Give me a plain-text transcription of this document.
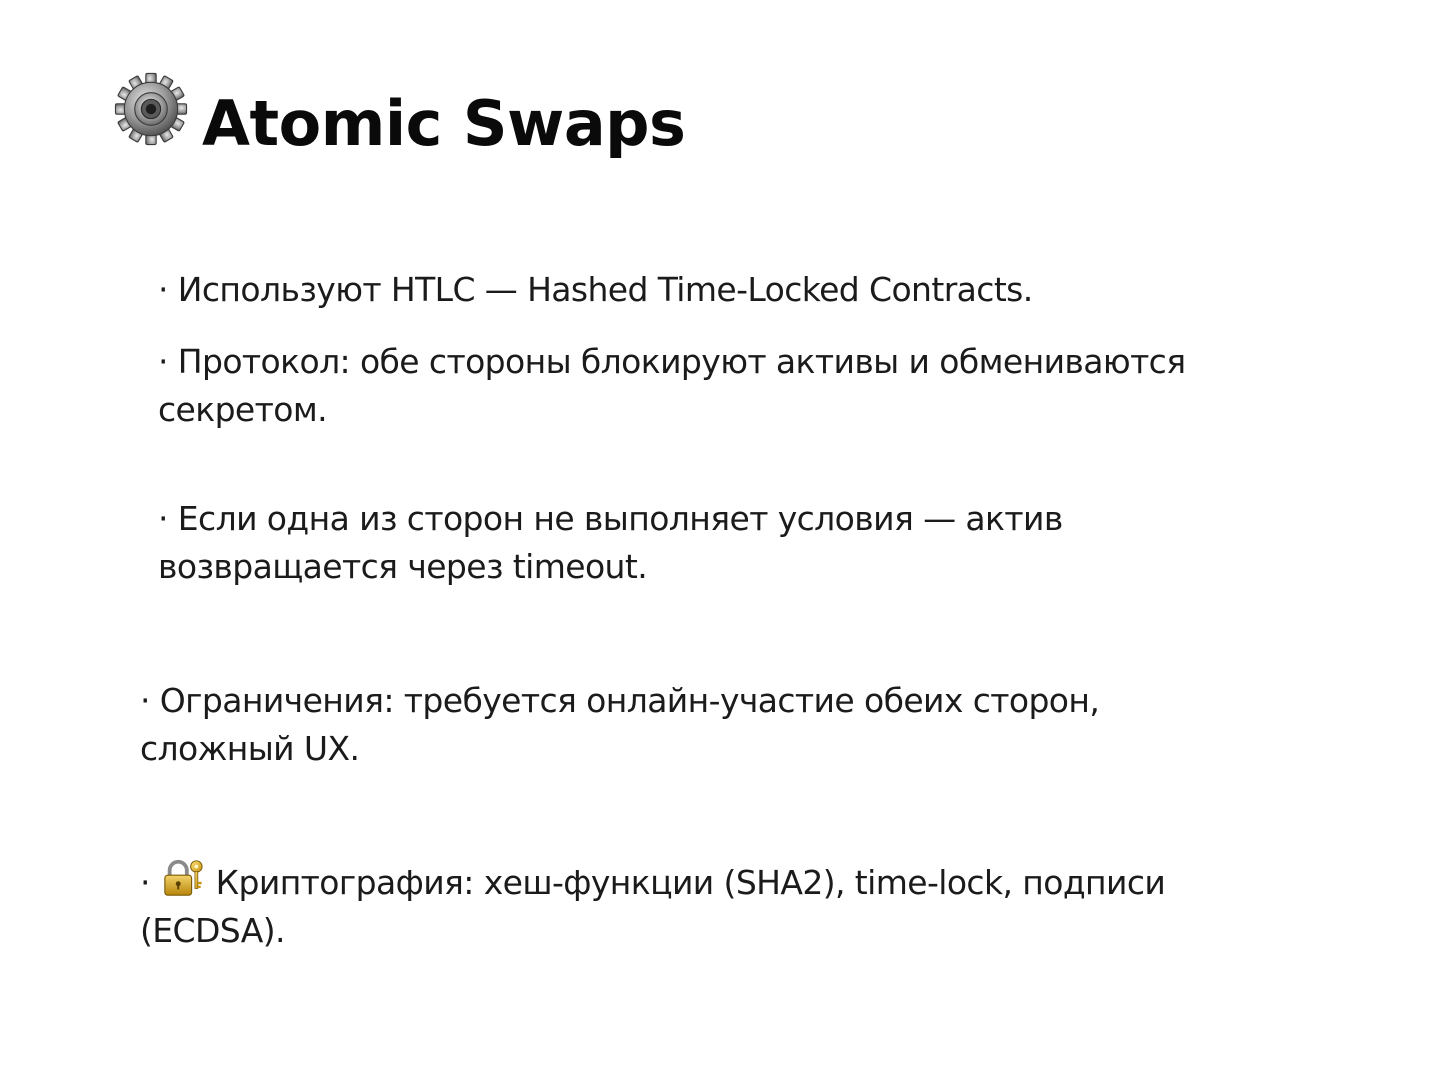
Atomic Swaps

· Используют HTLC — Hashed Time-Locked Contracts.

· Протокол: обе стороны блокируют активы и обмениваются секретом.

· Если одна из сторон не выполняет условия — актив возвращается через timeout.

· Ограничения: требуется онлайн-участие обеих сторон, сложный UX.

· Криптография: хеш-функции (SHA2), time-lock, подписи (ECDSA).
